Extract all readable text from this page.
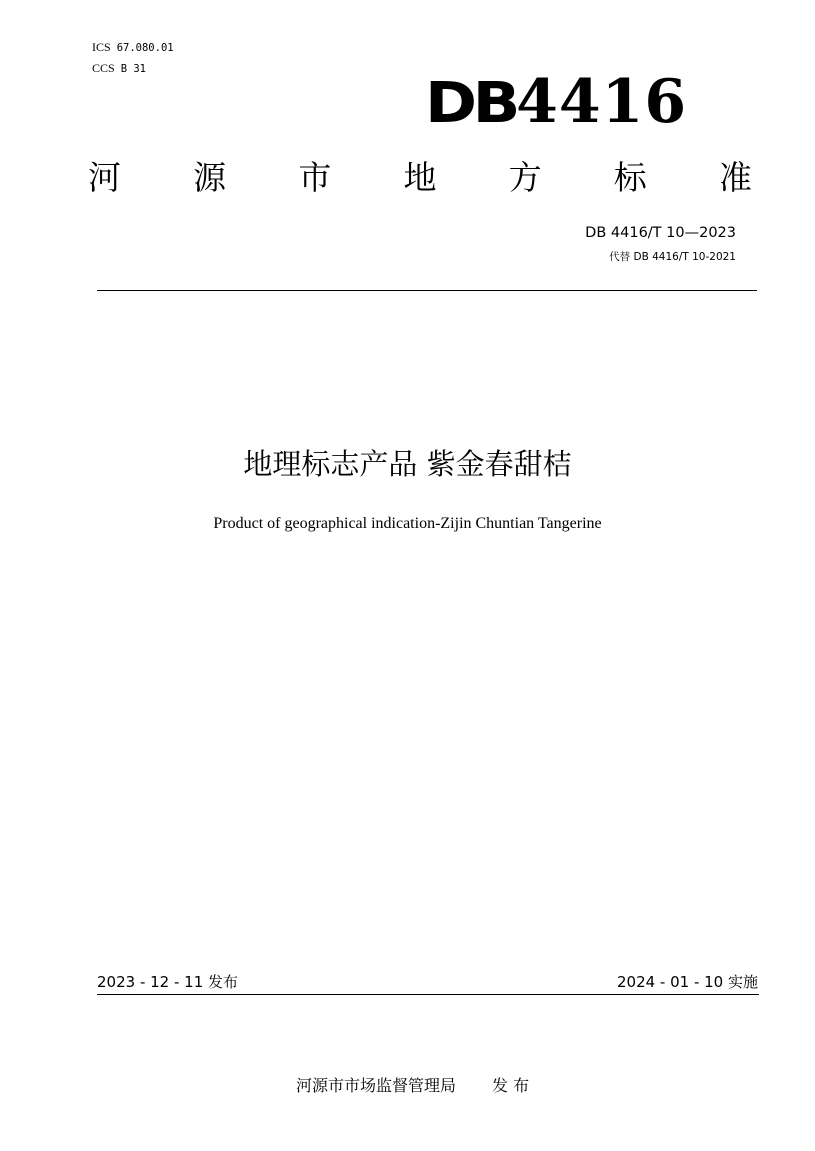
ICS 67.080.01
CCS B 31
DB4416
河 源 市 地 方 标 准
DB 4416/T 10—2023
代替 DB 4416/T 10-2021
地理标志产品 紫金春甜桔
Product of geographical indication-Zijin Chuntian Tangerine
2023 - 12 - 11 发布	2024 - 01 - 10 实施

河源市市场监督管理局 发 布
